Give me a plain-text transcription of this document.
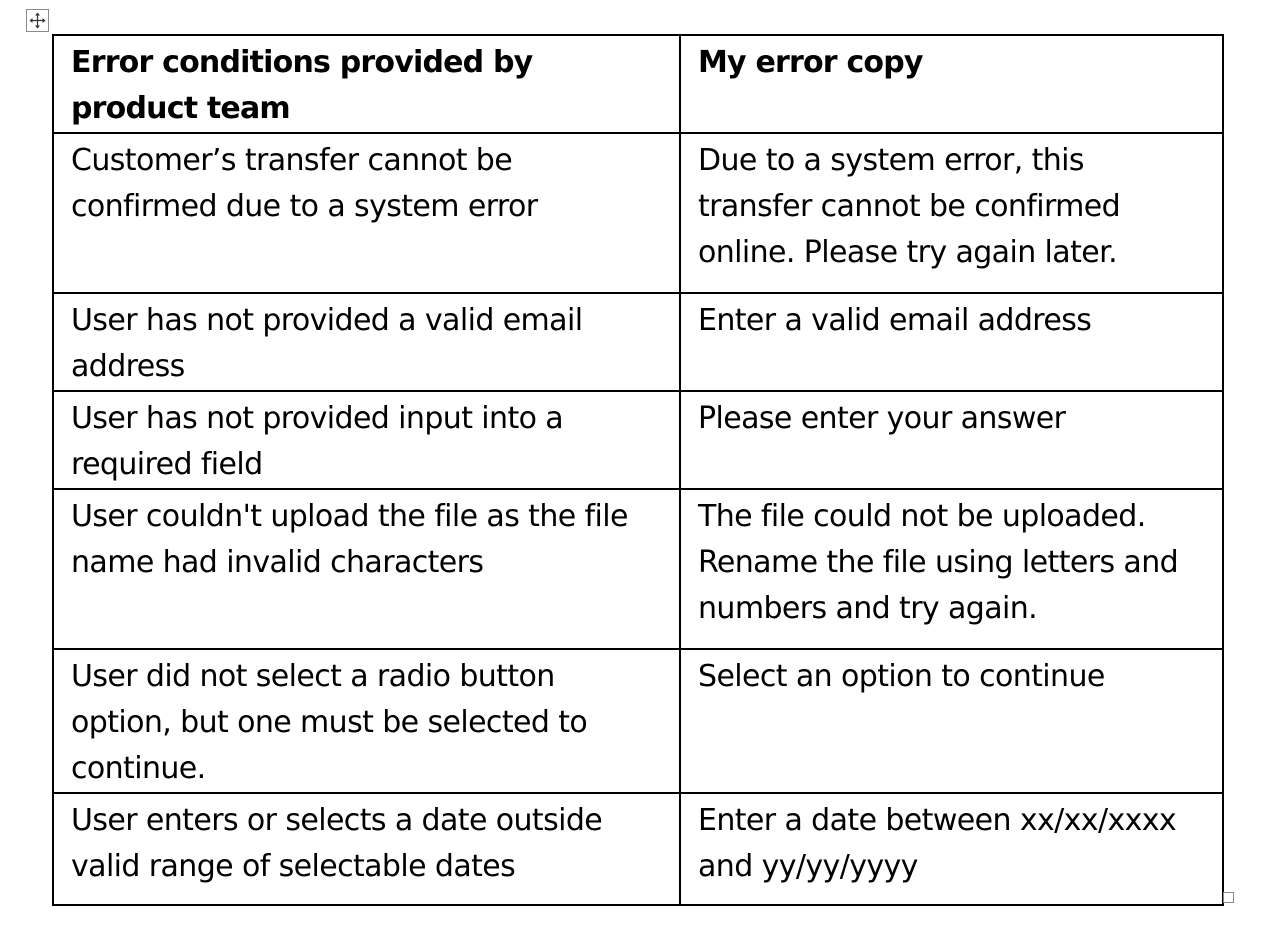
Error conditions provided by product team	My error copy
Customer’s transfer cannot be confirmed due to a system error	Due to a system error, this transfer cannot be confirmed online. Please try again later.
User has not provided a valid email address	Enter a valid email address
User has not provided input into a required field	Please enter your answer
User couldn't upload the file as the file name had invalid characters	The file could not be uploaded. Rename the file using letters and numbers and try again.
User did not select a radio button option, but one must be selected to continue.	Select an option to continue
User enters or selects a date outside valid range of selectable dates	Enter a date between xx/xx/xxxx and yy/yy/yyyy
